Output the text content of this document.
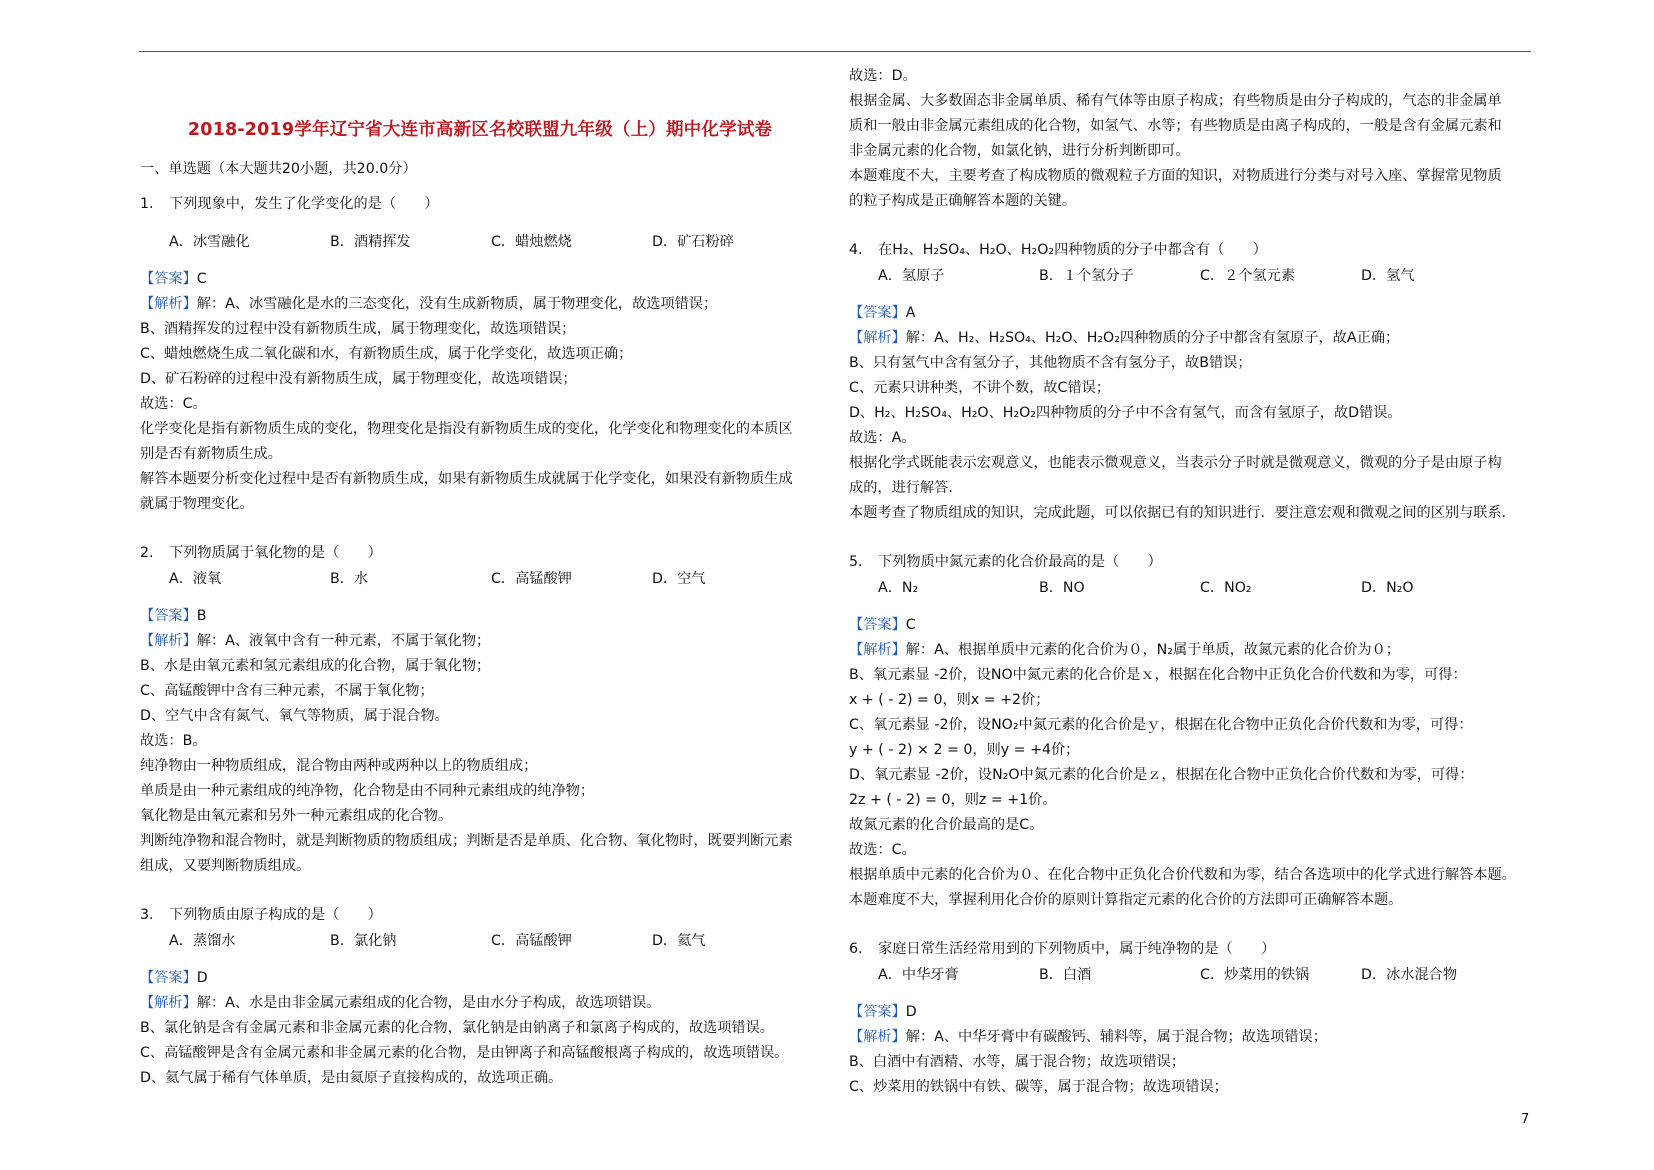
2018-2019学年辽宁省大连市高新区名校联盟九年级（上）期中化学试卷
7
一、单选题（本大题共20小题，共20.0分）
1. 下列现象中，发生了化学变化的是（　　）
A．冰雪融化	B．酒精挥发	C．蜡烛燃烧	D．矿石粉碎
【答案】C
【解析】解：A、冰雪融化是水的三态变化，没有生成新物质，属于物理变化，故选项错误；
B、酒精挥发的过程中没有新物质生成，属于物理变化，故选项错误；
C、蜡烛燃烧生成二氧化碳和水，有新物质生成，属于化学变化，故选项正确；
D、矿石粉碎的过程中没有新物质生成，属于物理变化，故选项错误；
故选：C。
化学变化是指有新物质生成的变化，物理变化是指没有新物质生成的变化，化学变化和物理变化的本质区
别是否有新物质生成。
解答本题要分析变化过程中是否有新物质生成，如果有新物质生成就属于化学变化，如果没有新物质生成
就属于物理变化。
2. 下列物质属于氧化物的是（　　）
A．液氧	B．水	C．高锰酸钾	D．空气
【答案】B
【解析】解：A、液氧中含有一种元素，不属于氧化物；
B、水是由氧元素和氢元素组成的化合物，属于氧化物；
C、高锰酸钾中含有三种元素，不属于氧化物；
D、空气中含有氮气、氧气等物质，属于混合物。
故选：B。
纯净物由一种物质组成，混合物由两种或两种以上的物质组成；
单质是由一种元素组成的纯净物，化合物是由不同种元素组成的纯净物；
氧化物是由氧元素和另外一种元素组成的化合物。
判断纯净物和混合物时，就是判断物质的物质组成；判断是否是单质、化合物、氧化物时，既要判断元素
组成，又要判断物质组成。
3. 下列物质由原子构成的是（　　）
A．蒸馏水	B．氯化钠	C．高锰酸钾	D．氦气
【答案】D
【解析】解：A、水是由非金属元素组成的化合物，是由水分子构成，故选项错误。
B、氯化钠是含有金属元素和非金属元素的化合物，氯化钠是由钠离子和氯离子构成的，故选项错误。
C、高锰酸钾是含有金属元素和非金属元素的化合物，是由钾离子和高锰酸根离子构成的，故选项错误。
D、氦气属于稀有气体单质，是由氦原子直接构成的，故选项正确。
故选：D。
根据金属、大多数固态非金属单质、稀有气体等由原子构成；有些物质是由分子构成的，气态的非金属单
质和一般由非金属元素组成的化合物，如氢气、水等；有些物质是由离子构成的，一般是含有金属元素和
非金属元素的化合物，如氯化钠，进行分析判断即可。
本题难度不大，主要考查了构成物质的微观粒子方面的知识，对物质进行分类与对号入座、掌握常见物质
的粒子构成是正确解答本题的关键。
4. 在H₂、H₂SO₄、H₂O、H₂O₂四种物质的分子中都含有（　　）
A．氢原子	B．１个氢分子	C．２个氢元素	D．氢气
【答案】A
【解析】解：A、H₂、H₂SO₄、H₂O、H₂O₂四种物质的分子中都含有氢原子，故A正确；
B、只有氢气中含有氢分子，其他物质不含有氢分子，故B错误；
C、元素只讲种类，不讲个数，故C错误；
D、H₂、H₂SO₄、H₂O、H₂O₂四种物质的分子中不含有氢气，而含有氢原子，故D错误。
故选：A。
根据化学式既能表示宏观意义，也能表示微观意义，当表示分子时就是微观意义，微观的分子是由原子构
成的，进行解答．
本题考查了物质组成的知识，完成此题，可以依据已有的知识进行．要注意宏观和微观之间的区别与联系．
5. 下列物质中氮元素的化合价最高的是（　　）
A．N₂	B．NO	C．NO₂	D．N₂O
【答案】C
【解析】解：A、根据单质中元素的化合价为０，N₂属于单质，故氮元素的化合价为０；
B、氧元素显 -2价，设NO中氮元素的化合价是ｘ，根据在化合物中正负化合价代数和为零，可得：
x + ( - 2) = 0，则x = +2价；
C、氧元素显 -2价，设NO₂中氮元素的化合价是ｙ，根据在化合物中正负化合价代数和为零，可得：
y + ( - 2) × 2 = 0，则y = +4价；
D、氧元素显 -2价，设N₂O中氮元素的化合价是ｚ，根据在化合物中正负化合价代数和为零，可得：
2z + ( - 2) = 0，则z = +1价。
故氮元素的化合价最高的是C。
故选：C。
根据单质中元素的化合价为０、在化合物中正负化合价代数和为零，结合各选项中的化学式进行解答本题。
本题难度不大，掌握利用化合价的原则计算指定元素的化合价的方法即可正确解答本题。
6. 家庭日常生活经常用到的下列物质中，属于纯净物的是（　　）
A．中华牙膏	B．白酒	C．炒菜用的铁锅	D．冰水混合物
【答案】D
【解析】解：A、中华牙膏中有碳酸钙、辅料等，属于混合物；故选项错误；
B、白酒中有酒精、水等，属于混合物；故选项错误；
C、炒菜用的铁锅中有铁、碳等，属于混合物；故选项错误；
